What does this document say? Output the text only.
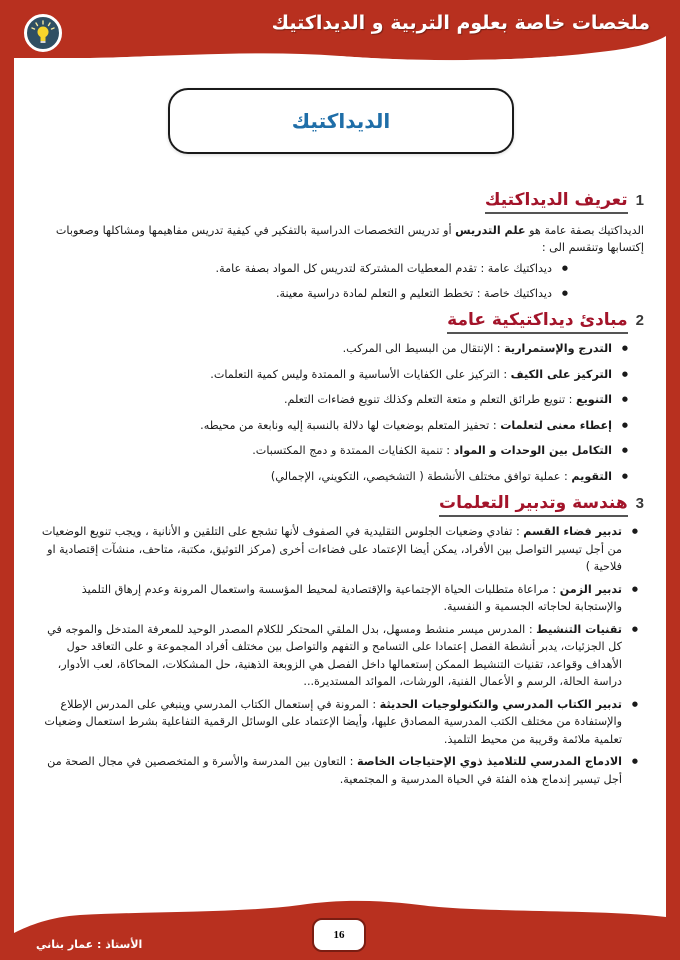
ملخصات خاصة بعلوم التربية و الديداكتيك
الديداكتيك
1
تعريف الديداكتيك

الديداكتيك بصفة عامة هو علم التدريس أو تدريس التخصصات الدراسية بالتفكير في كيفية تدريس مفاهيمها ومشاكلها وصعوبات إكتسابها وتنقسم الى :

● ديداكتيك عامة : تقدم المعطيات المشتركة لتدريس كل المواد بصفة عامة.
● ديداكتيك خاصة : تخطط التعليم و التعلم لمادة دراسية معينة.
2
مبادئ ديداكتيكية عامة
● التدرج والإستمرارية : الإنتقال من البسيط الى المركب.
● التركيز على الكيف : التركيز على الكفايات الأساسية و الممتدة وليس كمية التعلمات.
● التنويع : تنويع طرائق التعلم و متعة التعلم وكذلك تنويع فضاءات التعلم.
● إعطاء معنى لتعلمات : تحفيز المتعلم بوضعيات لها دلالة بالنسبة إليه ونابعة من محيطه.
● التكامل بين الوحدات و المواد : تنمية الكفايات الممتدة و دمج المكتسبات.
● التقويم : عملية توافق مختلف الأنشطة ( التشخيصي، التكويني، الإجمالي)
3
هندسة وتدبير التعلمات
● تدبير فضاء القسم : تفادي وضعيات الجلوس التقليدية في الصفوف لأنها تشجع على التلقين و الأنانية ، ويجب تنويع الوضعيات من أجل تيسير التواصل بين الأفراد، يمكن أيضا الإعتماد على فضاءات أخرى (مركز التوثيق، مكتبة، متاحف، منشآت إقتصادية او فلاحية )
● تدبير الزمن : مراعاة متطلبات الحياة الإجتماعية والإقتصادية لمحيط المؤسسة واستعمال المرونة وعدم إرهاق التلميذ والإستجابة لحاجاته الجسمية و النفسية.
● تقنيات التنشيط : المدرس ميسر منشط ومسهل، بدل الملقي المحتكر للكلام المصدر الوحيد للمعرفة المتدخل والموجه في كل الجزئيات، يدبر أنشطة الفصل إعتمادا على التسامح و التفهم والتواصل بين مختلف أفراد المجموعة و على التعاقد حول الأهداف وقواعد، تقنيات التنشيط الممكن إستعمالها داخل الفصل هي الزوبعة الذهنية، حل المشكلات، المحاكاة، لعب الأدوار، دراسة الحالة، الرسم و الأعمال الفنية، الورشات، الموائد المستديرة...
● تدبير الكتاب المدرسي والتكنولوجيات الحديثة : المرونة في إستعمال الكتاب المدرسي وينبغي على المدرس الإطلاع والإستفادة من مختلف الكتب المدرسية المصادق عليها، وأيضا الإعتماد على الوسائل الرقمية التفاعلية بشرط استعمال وضعيات تعلمية ملائمة وقريبة من محيط التلميذ.
● الادماج المدرسي للتلاميذ ذوي الإحتياجات الخاصة : التعاون بين المدرسة والأسرة و المتخصصين في مجال الصحة من أجل تيسير إندماج هذه الفئة في الحياة المدرسية و المجتمعية.
16
الأستاذ : عمار بناني
